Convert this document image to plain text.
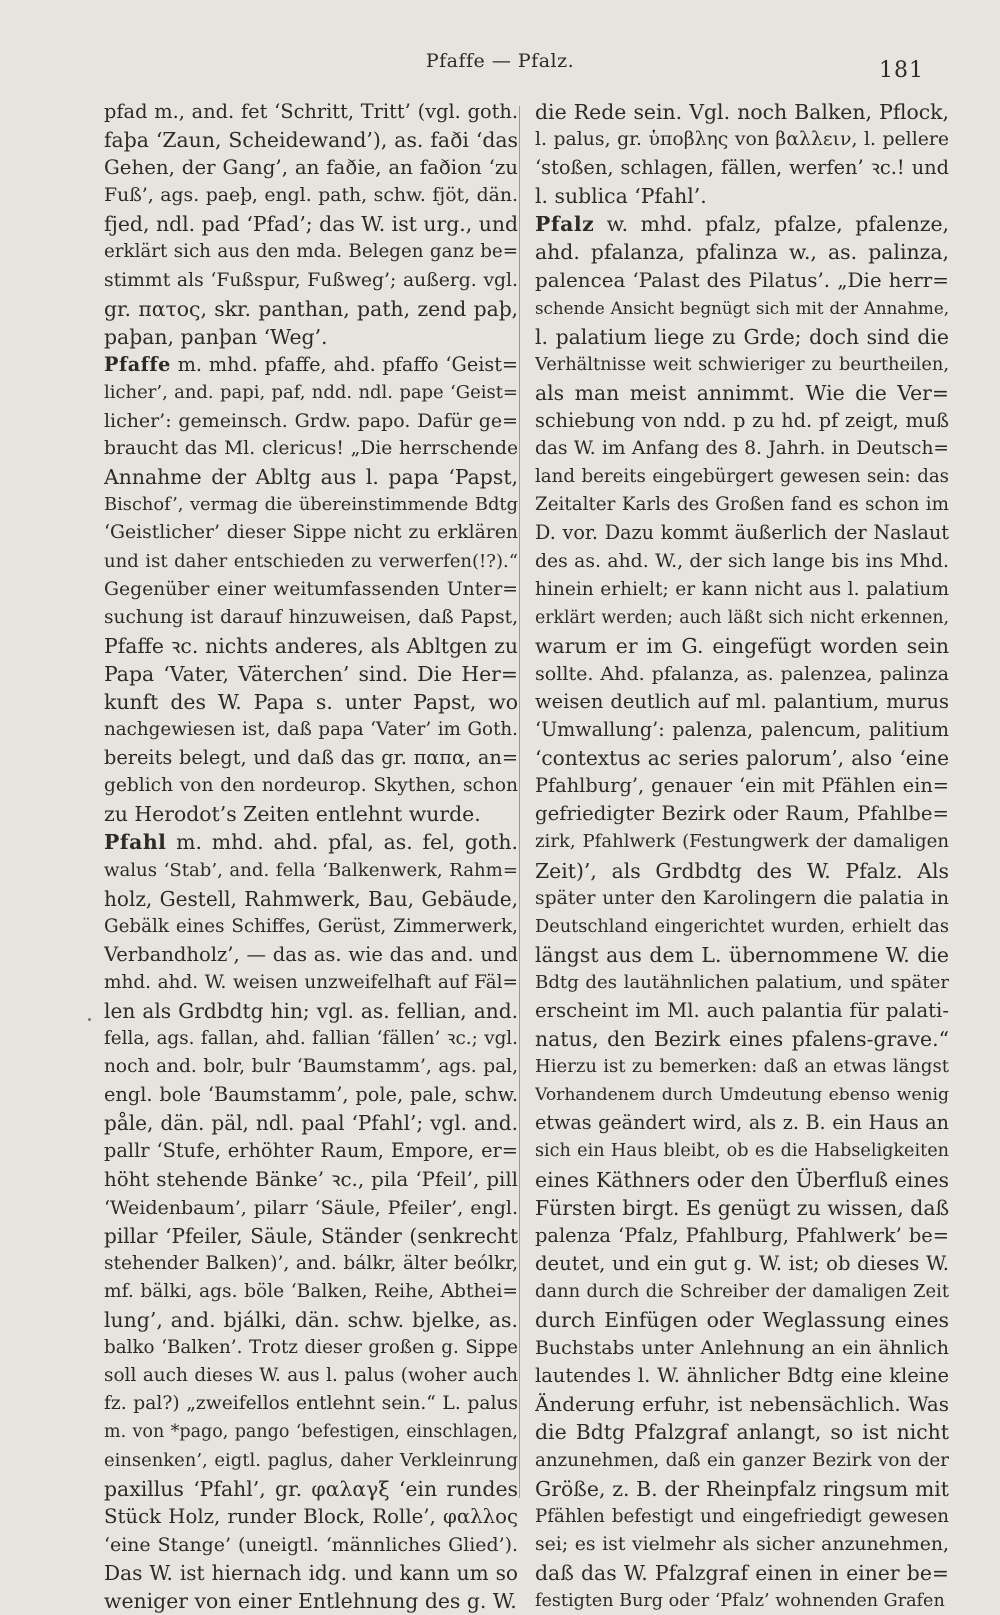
Pfaffe — Pfalz.	181
pfad m., and. fet ‘Schritt, Tritt’ (vgl. goth.
faþa ‘Zaun, Scheidewand’), as. faði ‘das
Gehen, der Gang’, an faðie, an faðion ‘zu
Fuß’, ags. paeþ, engl. path, schw. fjöt, dän.
fjed, ndl. pad ‘Pfad’; das W. ist urg., und
erklärt sich aus den mda. Belegen ganz be=
stimmt als ‘Fußspur, Fußweg’; außerg. vgl.
gr. πατος, skr. panthan, path, zend paþ,
paþan, panþan ‘Weg’.
Pfaffe m. mhd. pfaffe, ahd. pfaffo ‘Geist=
licher’, and. papi, paf, ndd. ndl. pape ‘Geist=
licher’: gemeinsch. Grdw. papo. Dafür ge=
braucht das Ml. clericus! „Die herrschende
Annahme der Abltg aus l. papa ‘Papst,
Bischof’, vermag die übereinstimmende Bdtg
‘Geistlicher’ dieser Sippe nicht zu erklären
und ist daher entschieden zu verwerfen(!?).“
Gegenüber einer weitumfassenden Unter=
suchung ist darauf hinzuweisen, daß Papst,
Pfaffe ꝛc. nichts anderes, als Abltgen zu
Papa ‘Vater, Väterchen’ sind. Die Her=
kunft des W. Papa s. unter Papst, wo
nachgewiesen ist, daß papa ‘Vater’ im Goth.
bereits belegt, und daß das gr. παπα, an=
geblich von den nordeurop. Skythen, schon
zu Herodot’s Zeiten entlehnt wurde.
Pfahl m. mhd. ahd. pfal, as. fel, goth.
walus ‘Stab’, and. fella ‘Balkenwerk, Rahm=
holz, Gestell, Rahmwerk, Bau, Gebäude,
Gebälk eines Schiffes, Gerüst, Zimmerwerk,
Verbandholz’, — das as. wie das and. und
mhd. ahd. W. weisen unzweifelhaft auf Fäl=
len als Grdbdtg hin; vgl. as. fellian, and.
fella, ags. fallan, ahd. fallian ‘fällen’ ꝛc.; vgl.
noch and. bolr, bulr ‘Baumstamm’, ags. pal,
engl. bole ‘Baumstamm’, pole, pale, schw.
påle, dän. päl, ndl. paal ‘Pfahl’; vgl. and.
pallr ‘Stufe, erhöhter Raum, Empore, er=
höht stehende Bänke’ ꝛc., pila ‘Pfeil’, pill
‘Weidenbaum’, pilarr ‘Säule, Pfeiler’, engl.
pillar ‘Pfeiler, Säule, Ständer (senkrecht
stehender Balken)’, and. bálkr, älter beólkr,
mf. bälki, ags. böle ‘Balken, Reihe, Abthei=
lung’, and. bjálki, dän. schw. bjelke, as.
balko ‘Balken’. Trotz dieser großen g. Sippe
soll auch dieses W. aus l. palus (woher auch
fz. pal?) „zweifellos entlehnt sein.“ L. palus
m. von *pago, pango ‘befestigen, einschlagen,
einsenken’, eigtl. paglus, daher Verkleinrung
paxillus ‘Pfahl’, gr. φαλαγξ ‘ein rundes
Stück Holz, runder Block, Rolle’, φαλλος
‘eine Stange’ (uneigtl. ‘männliches Glied’).
Das W. ist hiernach idg. und kann um so
weniger von einer Entlehnung des g. W.
die Rede sein. Vgl. noch Balken, Pflock,
l. palus, gr. ὑποβλης von βαλλειν, l. pellere
‘stoßen, schlagen, fällen, werfen’ ꝛc.! und
l. sublica ‘Pfahl’.
Pfalz w. mhd. pfalz, pfalze, pfalenze,
ahd. pfalanza, pfalinza w., as. palinza,
palencea ‘Palast des Pilatus’. „Die herr=
schende Ansicht begnügt sich mit der Annahme,
l. palatium liege zu Grde; doch sind die
Verhältnisse weit schwieriger zu beurtheilen,
als man meist annimmt. Wie die Ver=
schiebung von ndd. p zu hd. pf zeigt, muß
das W. im Anfang des 8. Jahrh. in Deutsch=
land bereits eingebürgert gewesen sein: das
Zeitalter Karls des Großen fand es schon im
D. vor. Dazu kommt äußerlich der Naslaut
des as. ahd. W., der sich lange bis ins Mhd.
hinein erhielt; er kann nicht aus l. palatium
erklärt werden; auch läßt sich nicht erkennen,
warum er im G. eingefügt worden sein
sollte. Ahd. pfalanza, as. palenzea, palinza
weisen deutlich auf ml. palantium, murus
‘Umwallung’: palenza, palencum, palitium
‘contextus ac series palorum’, also ‘eine
Pfahlburg’, genauer ‘ein mit Pfählen ein=
gefriedigter Bezirk oder Raum, Pfahlbe=
zirk, Pfahlwerk (Festungwerk der damaligen
Zeit)’, als Grdbdtg des W. Pfalz. Als
später unter den Karolingern die palatia in
Deutschland eingerichtet wurden, erhielt das
längst aus dem L. übernommene W. die
Bdtg des lautähnlichen palatium, und später
erscheint im Ml. auch palantia für palati-
natus, den Bezirk eines pfalens-grave.“
Hierzu ist zu bemerken: daß an etwas längst
Vorhandenem durch Umdeutung ebenso wenig
etwas geändert wird, als z. B. ein Haus an
sich ein Haus bleibt, ob es die Habseligkeiten
eines Käthners oder den Überfluß eines
Fürsten birgt. Es genügt zu wissen, daß
palenza ‘Pfalz, Pfahlburg, Pfahlwerk’ be=
deutet, und ein gut g. W. ist; ob dieses W.
dann durch die Schreiber der damaligen Zeit
durch Einfügen oder Weglassung eines
Buchstabs unter Anlehnung an ein ähnlich
lautendes l. W. ähnlicher Bdtg eine kleine
Änderung erfuhr, ist nebensächlich. Was
die Bdtg Pfalzgraf anlangt, so ist nicht
anzunehmen, daß ein ganzer Bezirk von der
Größe, z. B. der Rheinpfalz ringsum mit
Pfählen befestigt und eingefriedigt gewesen
sei; es ist vielmehr als sicher anzunehmen,
daß das W. Pfalzgraf einen in einer be=
festigten Burg oder ‘Pfalz’ wohnenden Grafen
